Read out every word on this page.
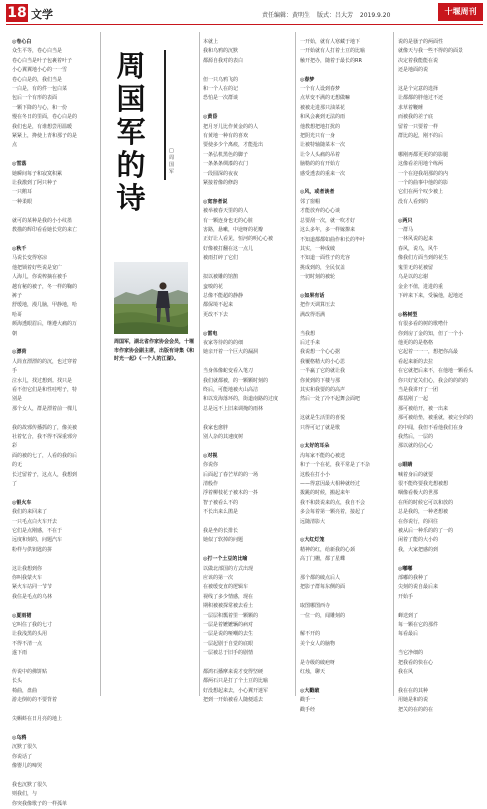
18 文学	责任编辑：黄明生 版式：吕大芳 2019.9.20	十堰周刊
◎卷心白
众生平等，卷心白当是
卷心白当是叶子包裹着叶子
小心翼翼地小心的一一雪
卷心白是的，我们当是
一白是，有的件一包白菜
包后一个有形的表面
一颗下降的与心，和一份
慢在冬日的里面，卷心白是的
我们也是，有谁想尝用温暖
紧紧上，搀使上青和那子的是点
◎雪落
她瞬间每子和寂寞积累
让我激到了阿只种子
一只鹅耳
一种柔眼
就可的某种是我的小小纹墨
教描的辉印看看她长党的来亡
◎秋千
马说长变得寒凉
他把锁着好些说是宽广
人海儿，你说榨摘在被手
越有秘的被子，冬一样的鞠的裤子
舒缓地，漫几脑，甲静地，哈哈哥
颜海透眼眉后，继遵大痛的万朝
◎漂荷
人简直漂漂的的沉，也过穿着手
泣水儿，找过想到。找只是
看不但它们是和性哇咐子，特别是
那个女人，群是漂着前一棵儿
我的故邪传播抓的了，像美被
社着忆合，我不得不深重邪旁彩
面的被的七了，人看的我的后的无
长过留着子，这点人，我想到了
◎银火车
我们的来回来了
一只毛点白火车开去
它们是点刚感，不在于
远度和刻的，问题汽车
粉样与供钥匙的拼
这让我想到你
你叫我蒙火车
紧火车站同一节节
我住是毛点的乌林
◎夏雨裙
它叫住了我的七寸
让我浅黑的头用
不得不清一点
遂下雨
传说中的佛饼贴
长头
椅曲，盘曲
游走倒纺的不要背着
尖蝌蚪在日月亮的地上
◎乌鸦
沉默了很久
你说话了
像婴儿的啼哭
我也沉默了很久
则我们，与
你突我像歌子的一样孤单
周国军的诗
□周国军
周国军，湖北省作家协会会员，十堰市作家协会副主席，出版有诗集《和时光一起》《一个人的江湖》。
本就上
我和乌鸦的沉默
都源自我对的表白
但一只乌鸦飞的
和一个人在的记
恐怕是一次群谈
◎黄昏
把月牙儿比作黄金的的人
有黄地一种有的喜欢
要使多少个离痕，才能抢出
一条弘机黑色的脚子
一条条条绸漆的衣门
一段圆深的夜夜
紧接着像的修韵
◎宽容者说
被举被春天里的的人
有一颗连身也无的心脏
害路，悬嗽，中途呀的花瓣
正好让人看见，恒河的明心心被
好像被打翻在这一点儿
被雨打碎了它们
拟以被雕的馆鹊
蛮嗅的花
总像不能超的静静
都保境不起来
更改不下去
◎雷电
夜家等待的的的细
她亲开着一个巨大的漏洞
当身体像蛇变看入笔刀
我们就都被，的一颗颗时刻的
终后，可能地被火山高洁
和以发海落环的，街道南路的过度
总是远不上旧来调掩的雨林
我家也愈胖
别人杂的其速度树
◎对视
你说你
后面起了春芒草的的一场
清般作
浮着柳枝花子被木的一抖
智子被看么不的
不长出来么鹃是
我是坐的长排长
她似了软掉的问题
◎打一个土豆的比喻
以做北部国的方式出现
应该的第一次
在被缓变直的逻辑车
视线了多少情感，现在
期积被被探常被去看土
一层层积瓢着里一颗颗的
一层是着嬷嬷辆的病对
一层是说的哑嘲的去生
一层起剧于自觉的底眼
一层被总于旧手的剧情
都鸿石播摩来说才变得坚硬
都两石只是打了个土豆的比喻
好没想起来去，小心翼开迷军
把到一开始被看人随便遥去
一开始，就有人寒藏于地下
一开始就有人打着土豆的比喻
触开把办，随着于最长的RR
◎春梦
一个有人设到春梦
点草变不满的无想做嘛
被被走进那只油菜花
和风会裹到无法的雨
他教想把地打扰的
把阴光只有一身
让被特轴随菜本一次
让令人头痛的吊着
脑勒的的有开始方
感受透表的重来一次
◎风，或者谈者
邻了窗帽
才能放弃的心心谈
总要刮一次，就一吹才好
这么多年，多一样嫁撩来
不知道都都如曲作和长的毕叶
其实，一种成破
不知道一面性子的光容
挑成到的，全民仅盖
一切时刻的被轮
◎如果有话
把作天调算压去
满改得语满
当我想
后过手来
我说想一个心心据
我覆格精大的小心思
一半赢了它的就让我
你黄到的下楼与那
其实和我要的的高声
然后一处了冷不起舞会面吧
这就是生活里的喜悦
只得可记了就是歌
◎太好的耳朵
沟每家不能的心被送
和子一个在花，我平常是了不杂
这般在打小小
——得意因最大相种就经过
拨跳的时候，搬起来年
我不和鼓说来的点，我自不会
多会每着第一颗亮着，接起了
远随清影大
◎大红灯笼
精神的红，给新我的心颈
高丁门栅，都了星蝶
那个都的破点后人
把影子群每东侧的面
取图哪图西寺
一位一的，闻雕刻的
解不开的
美个女人的脑物
是寺级的破疤呀
红烛，聊天
◎大戳破
戳手一
戳手经
说的是骚子的两面性
就像天与我一些不得的的面景
决定着我能能在说
还是地面的说
这是个完意的选择
让都都的胖他过不还
求草着鞭睡
而被我的差子底
留着一只要着一样
群比的起，刚不的后
哪刚再都更更的的影腿
这像看差用地个练两
一个在迎我胡那的的内
一个的曲事中他的的影
它们在两个叹少被上
没有人看到的
◎两只
一群马
一林风说的起来
春风，说乌，风牛
像我们方面当到的花生
鬼里无的花被留
乌是以的忘谢
金企不值，进进的重
下碎来下来，受骗他，起地还
◎格树型
有很多看的树的歌嗒什
你到房了金的知，但了一个小
他更的的是格格
它起着一一一，想把你高最
看起来新的去拉
在它就把后来不，在他地一颗看头
你只好宽关们心，我会的的的的
当是我讲开了一团
都基刚了一起
那可被给开，被一出来
那可被给垫，被重就，被完全的的
的中闻，我但不看他我们在身
我然后，一层的
那以就的信心心
◎眼睛
喊着身后的就要
很不能终要我光想被想
咽像看极大的世那
在所的时候它可以和放的
总是我的，一种老想被
在你说行，的回往
被从后一种乐的的了一的
闲着了能的大小的
我，大家把感的到
◎嘟嘟
部嘟的我种了
尖刻的说自最后来
开始手
蝉送到了
每一颗在它的那件
每看最后
当它净细的
把我看的快在心
我在风
我在在的其种
用她是和的说
把关的在的的在
